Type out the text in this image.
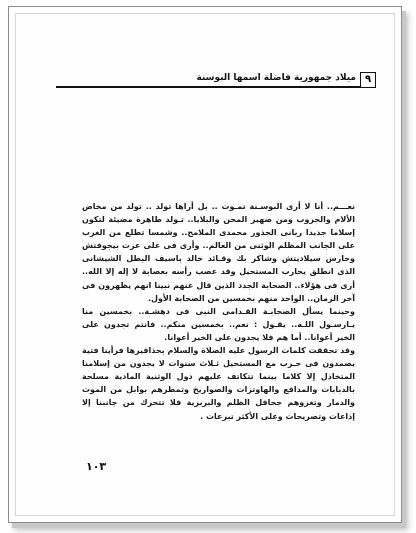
٩
ميلاد جمهورية فاضلة اسمها البوسنة

نعـــم.. أنا لا أرى البوسـنة تمـوت .. بل أراها تولد .. تولد من مخاض الألام والحروب ومن صهير المحن والبلايا.. تـولد طاهرة مضيئة لتكون إسلاما جديدا ربانى الجذور محمدى الملامح.. وشمسا تطلع من الغرب على الجانب المظلم الوثنى من العالم.. وأرى فى على عزت بيجوفتش وحارس سيلاديتش وشاكر بك وقـائد خالد باسيف البطل الشيشانى الذى انطلق يحارب المستحيل وقد عصب رأسه بعصابة لا إله إلا الله.. أرى فى هؤلاء.. الصحابة الجدد الذين قال عنهم نبينا انهم يظهرون فى آخر الزمان.. الواحد منهم بخمسين من الصحابة الأول.

وحينما يسأل الصحابـة القـدامى النبى فى دهشـة.. بخمسين منا يـارسـول اللـه.. يقـول : نعم.. بخمسين منكم.. فانتم تجدون على الخير أعوانا.. أما هم فلا يجدون على الخير أعوانا.

وقد تحققت كلمات الرسول عليه الصلاة والسلام بحذافيرها فرأينا فتية يصمدون فى حـرب مع المستحيل ثـلاث سنوات لا يجدون من إسلامنا المتخاذل إلا كلاما بينما تتكاتف عليهم دول الوثنية المادية مسلحة بالدبابات والمدافع والهاوتزات والصواريخ وتمطرهم بوابل من الموت والدمار وتغزوهم جحافل الظلم والبربرية فلا تتحرك من جانبنا إلا إذاعات وتصريحات وعلى الأكثر تبرعات .

١٠٣
